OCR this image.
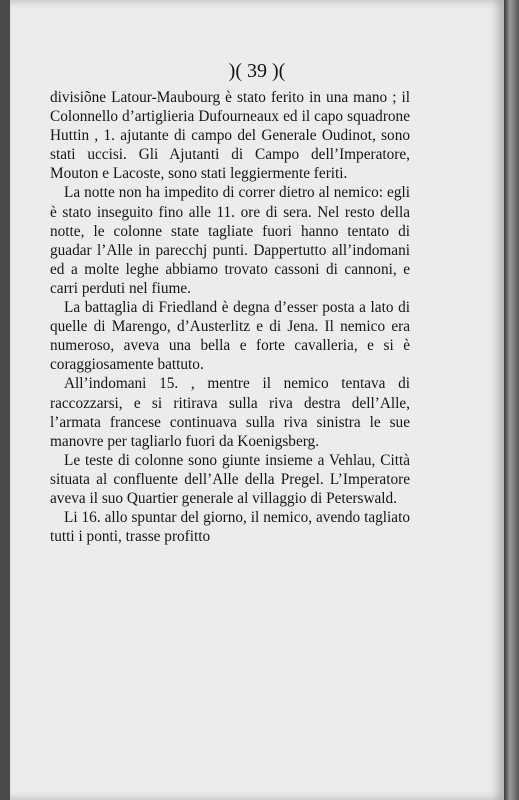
)( 39 )(

divisiõne Latour-Maubourg è stato ferito in una mano ; il Colonnello d’artiglieria Dufourneaux ed il capo squadrone Huttin , 1. ajutante di campo del Generale Oudinot, sono stati uccisi. Gli Ajutanti di Campo dell’Imperatore, Mouton e Lacoste, sono stati leggiermente feriti.

La notte non ha impedito di correr dietro al nemico: egli è stato inseguito fino alle 11. ore di sera. Nel resto della notte, le colonne state tagliate fuori hanno tentato di guadar l’Alle in parecchj punti. Dappertutto all’indomani ed a molte leghe abbiamo trovato cassoni di cannoni, e carri perduti nel fiume.

La battaglia di Friedland è degna d’esser posta a lato di quelle di Marengo, d’Austerlitz e di Jena. Il nemico era numeroso, aveva una bella e forte cavalleria, e si è coraggiosamente battuto.

All’indomani 15. , mentre il nemico tentava di raccozzarsi, e si ritirava sulla riva destra dell’Alle, l’armata francese continuava sulla riva sinistra le sue manovre per tagliarlo fuori da Koenigsberg.

Le teste di colonne sono giunte insieme a Vehlau, Città situata al confluente dell’Alle della Pregel. L’Imperatore aveva il suo Quartier generale al villaggio di Peterswald.

Li 16. allo spuntar del giorno, il nemico, avendo tagliato tutti i ponti, trasse profitto
